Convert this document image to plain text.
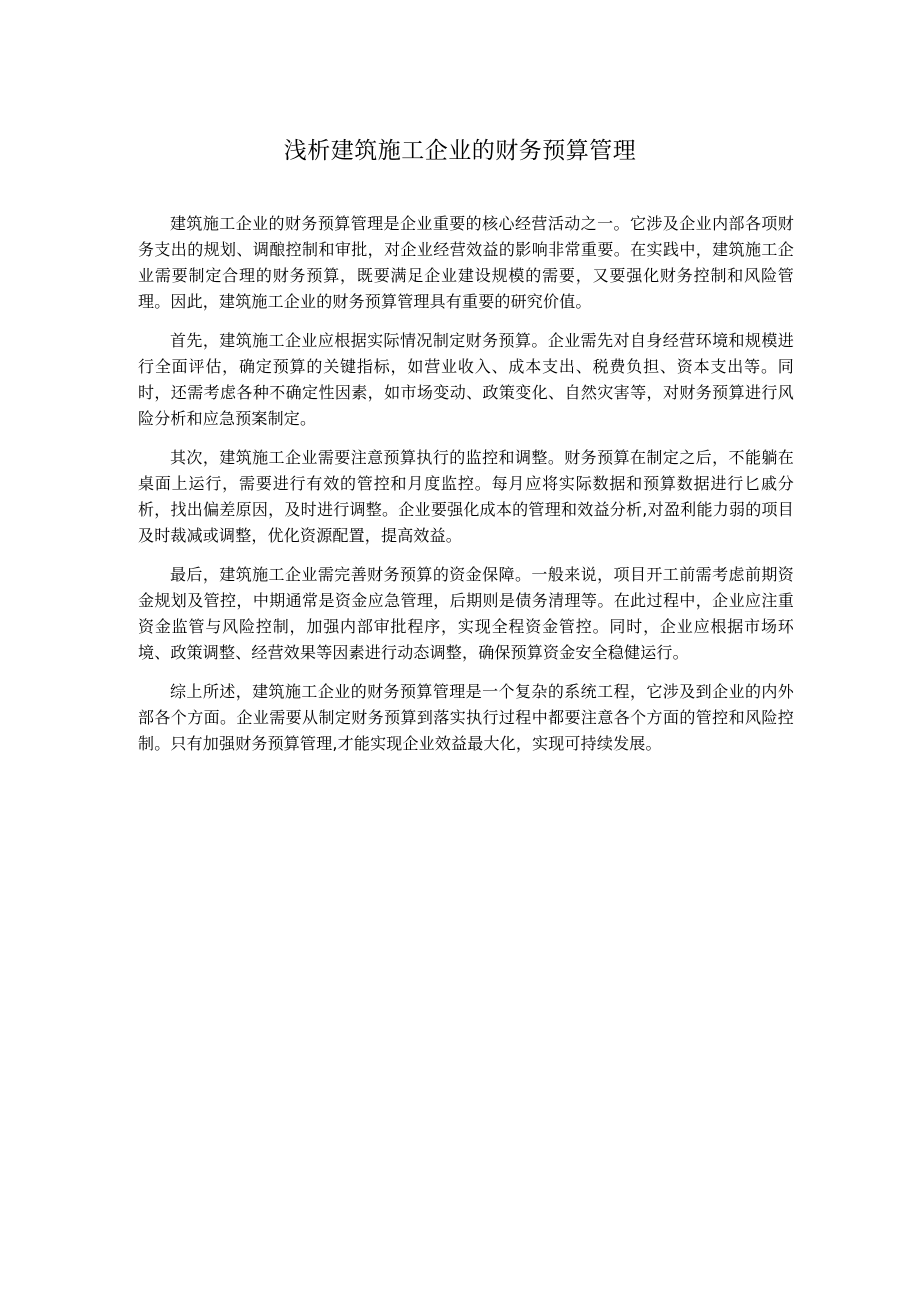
浅析建筑施工企业的财务预算管理

建筑施工企业的财务预算管理是企业重要的核心经营活动之一。它涉及企业内部各项财务支出的规划、调酿控制和审批，对企业经营效益的影响非常重要。在实践中，建筑施工企业需要制定合理的财务预算，既要满足企业建设规模的需要，又要强化财务控制和风险管理。因此，建筑施工企业的财务预算管理具有重要的研究价值。

首先，建筑施工企业应根据实际情况制定财务预算。企业需先对自身经营环境和规模进行全面评估，确定预算的关键指标，如营业收入、成本支出、税费负担、资本支出等。同时，还需考虑各种不确定性因素，如市场变动、政策变化、自然灾害等，对财务预算进行风险分析和应急预案制定。

其次，建筑施工企业需要注意预算执行的监控和调整。财务预算在制定之后，不能躺在桌面上运行，需要进行有效的管控和月度监控。每月应将实际数据和预算数据进行匕戚分析，找出偏差原因，及时进行调整。企业要强化成本的管理和效益分析,对盈利能力弱的项目及时裁减或调整，优化资源配置，提高效益。

最后，建筑施工企业需完善财务预算的资金保障。一般来说，项目开工前需考虑前期资金规划及管控，中期通常是资金应急管理，后期则是债务清理等。在此过程中，企业应注重资金监管与风险控制，加强内部审批程序，实现全程资金管控。同时，企业应根据市场环境、政策调整、经营效果等因素进行动态调整，确保预算资金安全稳健运行。

综上所述，建筑施工企业的财务预算管理是一个复杂的系统工程，它涉及到企业的内外部各个方面。企业需要从制定财务预算到落实执行过程中都要注意各个方面的管控和风险控制。只有加强财务预算管理,才能实现企业效益最大化，实现可持续发展。
